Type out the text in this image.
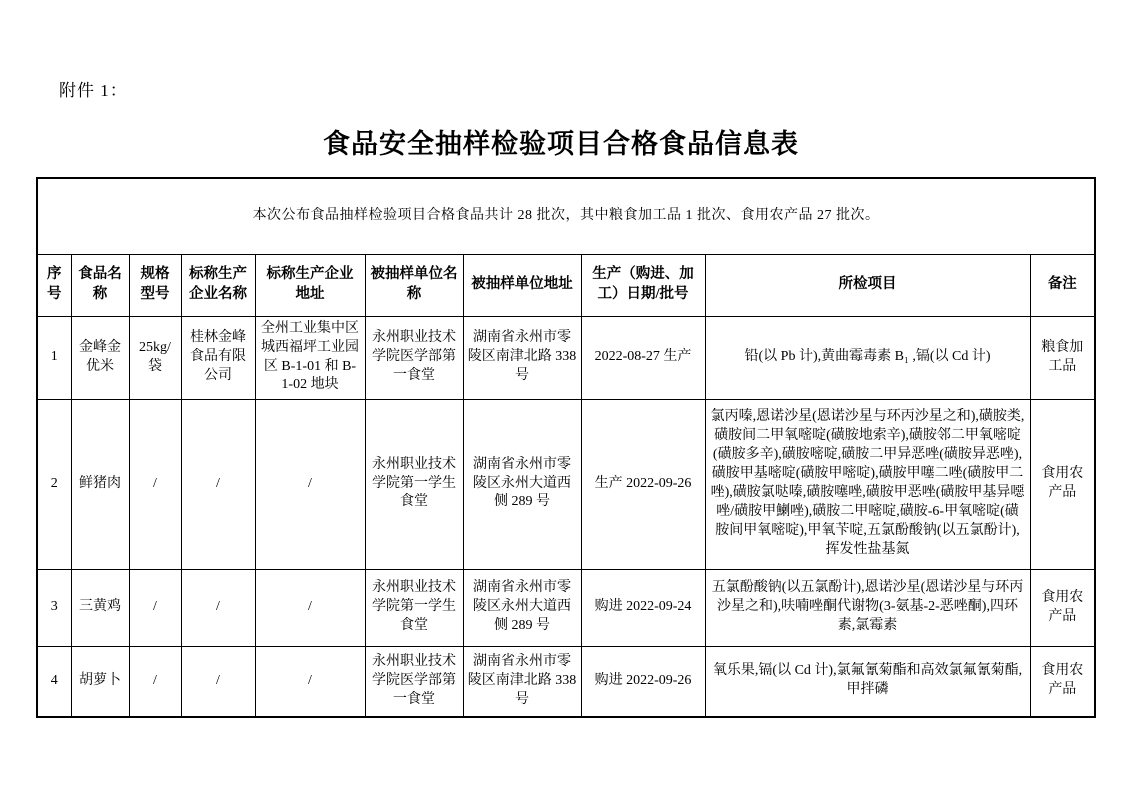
附件 1：
食品安全抽样检验项目合格食品信息表
本次公布食品抽样检验项目合格食品共计 28 批次，其中粮食加工品 1 批次、食用农产品 27 批次。									
序号	食品名称	规格型号	标称生产企业名称	标称生产企业地址	被抽样单位名称	被抽样单位地址	生产（购进、加工）日期/批号	所检项目	备注
1	金峰金优米	25kg/袋	桂林金峰食品有限公司	全州工业集中区城西福坪工业园区 B-1-01 和 B-1-02 地块	永州职业技术学院医学部第一食堂	湖南省永州市零陵区南津北路 338 号	2022-08-27 生产	铅(以 Pb 计),黄曲霉毒素 B₁ ,镉(以 Cd 计)	粮食加工品
2	鲜猪肉	/	/	/	永州职业技术学院第一学生食堂	湖南省永州市零陵区永州大道西侧 289 号	生产 2022-09-26	氯丙嗪,恩诺沙星(恩诺沙星与环丙沙星之和),磺胺类,磺胺间二甲氧嘧啶(磺胺地索辛),磺胺邻二甲氧嘧啶(磺胺多辛),磺胺嘧啶,磺胺二甲异恶唑(磺胺异恶唑),磺胺甲基嘧啶(磺胺甲嘧啶),磺胺甲噻二唑(磺胺甲二唑),磺胺氯哒嗪,磺胺噻唑,磺胺甲恶唑(磺胺甲基异噁唑/磺胺甲鯻唑),磺胺二甲嘧啶,磺胺-6-甲氧嘧啶(磺胺间甲氧嘧啶),甲氧苄啶,五氯酚酸钠(以五氯酚计),挥发性盐基氮	食用农产品
3	三黄鸡	/	/	/	永州职业技术学院第一学生食堂	湖南省永州市零陵区永州大道西侧 289 号	购进 2022-09-24	五氯酚酸钠(以五氯酚计),恩诺沙星(恩诺沙星与环丙沙星之和),呋喃唑酮代谢物(3-氨基-2-恶唑酮),四环素,氯霉素	食用农产品
4	胡萝卜	/	/	/	永州职业技术学院医学部第一食堂	湖南省永州市零陵区南津北路 338 号	购进 2022-09-26	氧乐果,镉(以 Cd 计),氯氟氰菊酯和高效氯氟氰菊酯,甲拌磷	食用农产品
